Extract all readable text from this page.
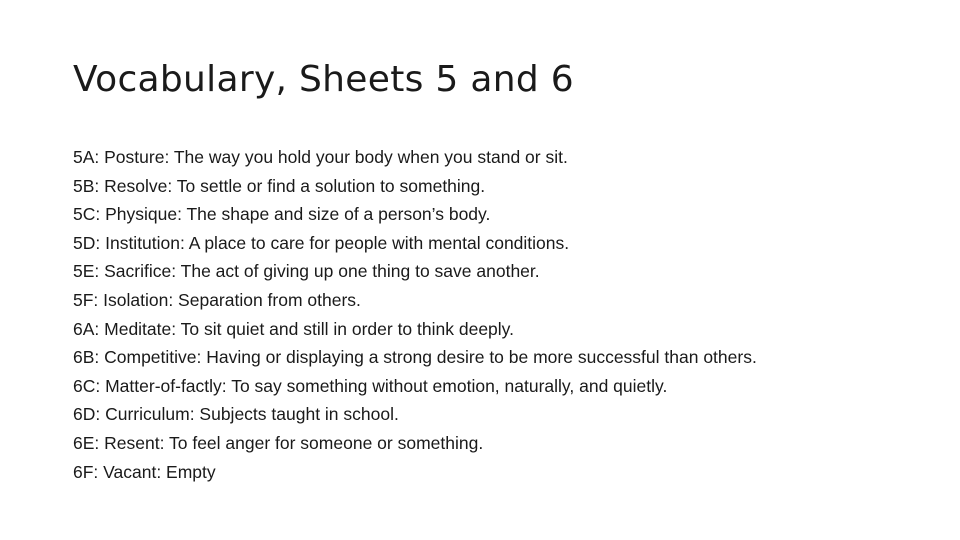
Vocabulary, Sheets 5 and 6
5A: Posture: The way you hold your body when you stand or sit.
5B: Resolve: To settle or find a solution to something.
5C: Physique: The shape and size of a person’s body.
5D: Institution: A place to care for people with mental conditions.
5E: Sacrifice: The act of giving up one thing to save another.
5F: Isolation: Separation from others.
6A: Meditate: To sit quiet and still in order to think deeply.
6B: Competitive: Having or displaying a strong desire to be more successful than others.
6C: Matter-of-factly: To say something without emotion, naturally, and quietly.
6D: Curriculum: Subjects taught in school.
6E: Resent: To feel anger for someone or something.
6F: Vacant: Empty
